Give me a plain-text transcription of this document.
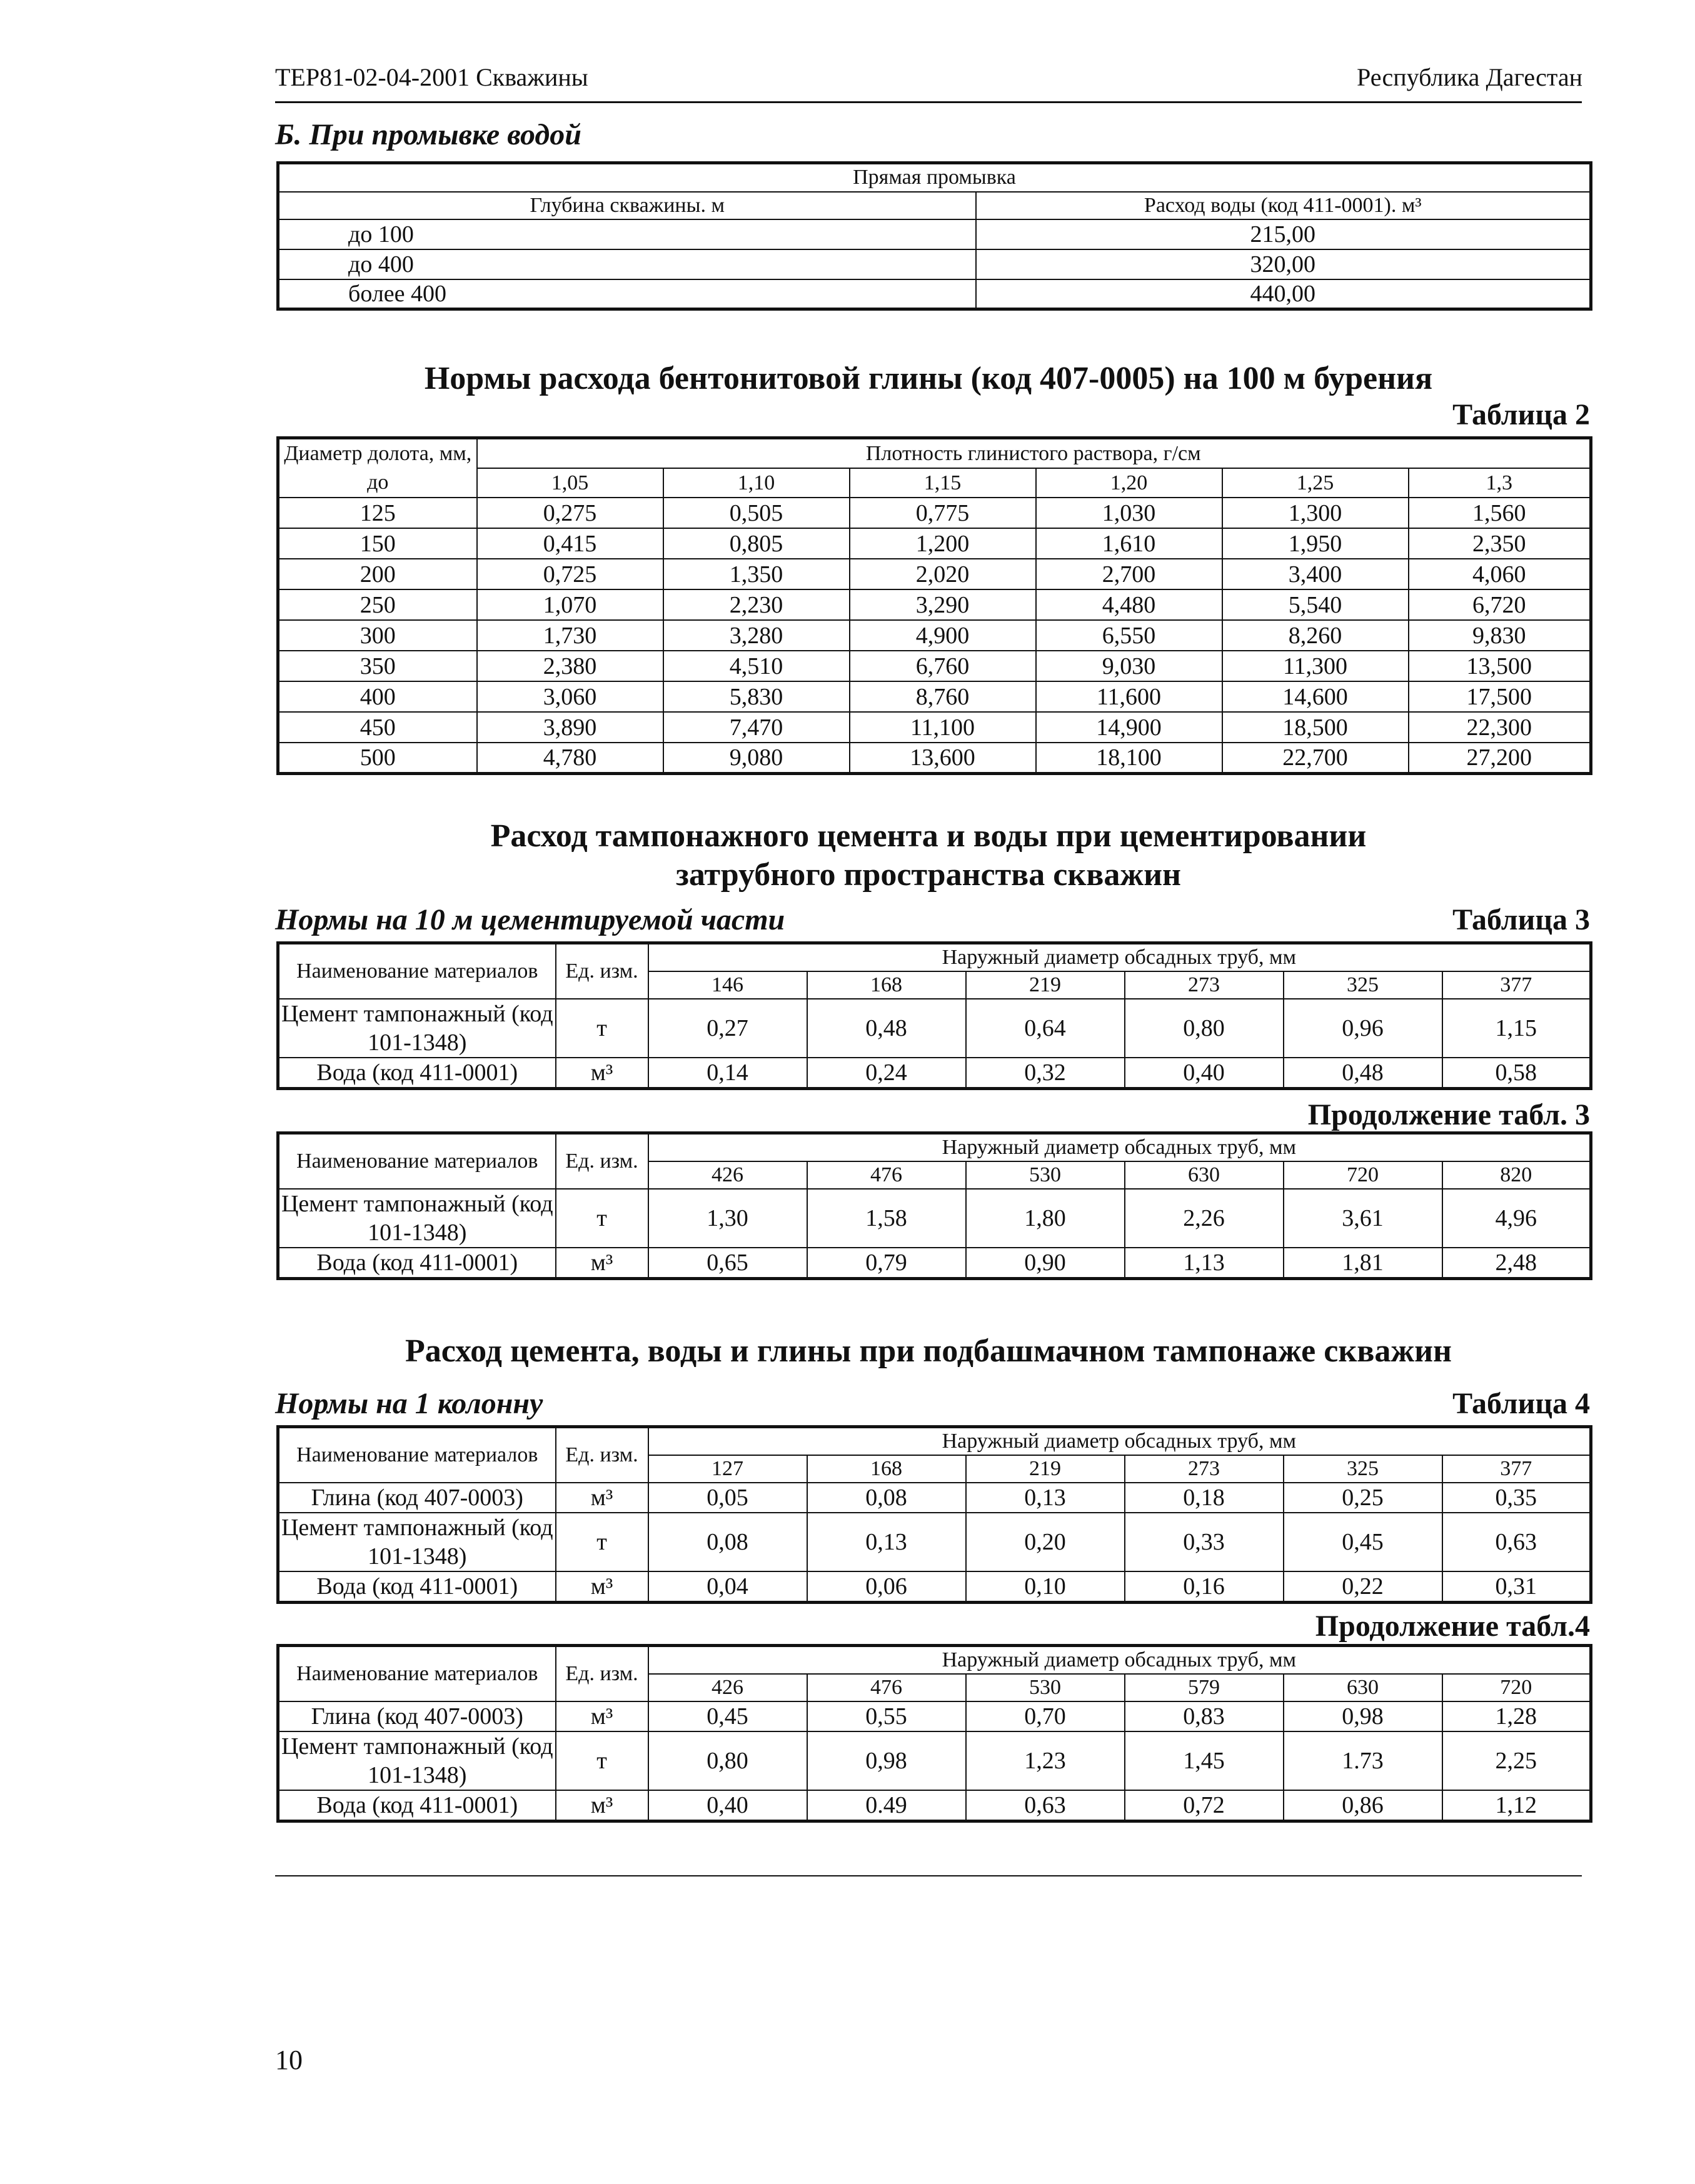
ТЕР81-02-04-2001 Скважины	Республика Дагестан
Б. При промывке водой
Прямая промывка	
Глубина скважины. м	Расход воды (код 411-0001). м³
до 100	215,00
до 400	320,00
более 400	440,00
Нормы расхода бентонитовой глины (код 407-0005) на 100 м бурения
Таблица 2
Диаметр долота, мм, до	Плотность глинистого раствора, г/см					
	1,05	1,10	1,15	1,20	1,25	1,3
125	0,275	0,505	0,775	1,030	1,300	1,560
150	0,415	0,805	1,200	1,610	1,950	2,350
200	0,725	1,350	2,020	2,700	3,400	4,060
250	1,070	2,230	3,290	4,480	5,540	6,720
300	1,730	3,280	4,900	6,550	8,260	9,830
350	2,380	4,510	6,760	9,030	11,300	13,500
400	3,060	5,830	8,760	11,600	14,600	17,500
450	3,890	7,470	11,100	14,900	18,500	22,300
500	4,780	9,080	13,600	18,100	22,700	27,200
Расход тампонажного цемента и воды при цементировании
затрубного пространства скважин
Нормы на 10 м цементируемой части	Таблица 3
Наименование материалов	Ед. изм.	Наружный диаметр обсадных труб, мм					
		146	168	219	273	325	377
Цемент тампонажный (код 101-1348)	т	0,27	0,48	0,64	0,80	0,96	1,15
Вода (код 411-0001)	м³	0,14	0,24	0,32	0,40	0,48	0,58
Продолжение табл. 3
Наименование материалов	Ед. изм.	Наружный диаметр обсадных труб, мм					
		426	476	530	630	720	820
Цемент тампонажный (код 101-1348)	т	1,30	1,58	1,80	2,26	3,61	4,96
Вода (код 411-0001)	м³	0,65	0,79	0,90	1,13	1,81	2,48
Расход цемента, воды и глины при подбашмачном тампонаже скважин
Нормы на 1 колонну	Таблица 4
Наименование материалов	Ед. изм.	Наружный диаметр обсадных труб, мм					
		127	168	219	273	325	377
Глина (код 407-0003)	м³	0,05	0,08	0,13	0,18	0,25	0,35
Цемент тампонажный (код 101-1348)	т	0,08	0,13	0,20	0,33	0,45	0,63
Вода (код 411-0001)	м³	0,04	0,06	0,10	0,16	0,22	0,31
Продолжение табл.4
Наименование материалов	Ед. изм.	Наружный диаметр обсадных труб, мм					
		426	476	530	579	630	720
Глина (код 407-0003)	м³	0,45	0,55	0,70	0,83	0,98	1,28
Цемент тампонажный (код 101-1348)	т	0,80	0,98	1,23	1,45	1.73	2,25
Вода (код 411-0001)	м³	0,40	0.49	0,63	0,72	0,86	1,12
10
